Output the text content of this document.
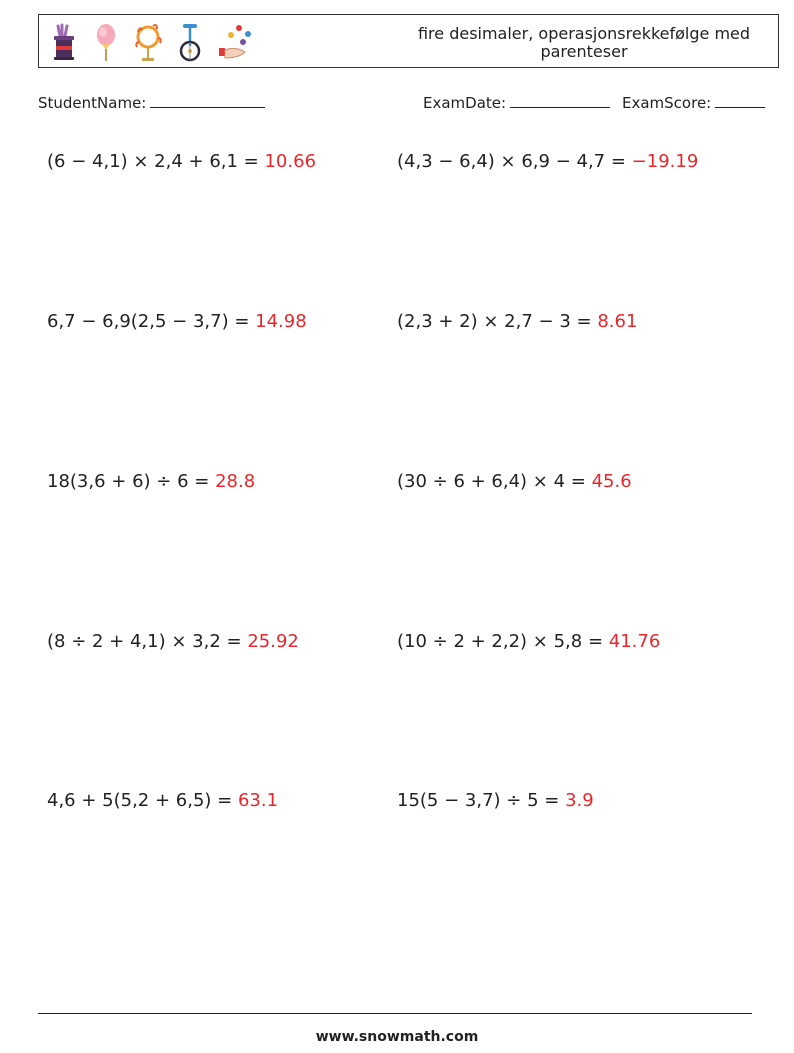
fire desimaler, operasjonsrekkefølge med parenteser
StudentName:	ExamDate:	ExamScore:
(6 − 4,1) × 2,4 + 6,1 = 10.66	(4,3 − 6,4) × 6,9 − 4,7 = −19.19
6,7 − 6,9(2,5 − 3,7) = 14.98	(2,3 + 2) × 2,7 − 3 = 8.61
18(3,6 + 6) ÷ 6 = 28.8	(30 ÷ 6 + 6,4) × 4 = 45.6
(8 ÷ 2 + 4,1) × 3,2 = 25.92	(10 ÷ 2 + 2,2) × 5,8 = 41.76
4,6 + 5(5,2 + 6,5) = 63.1	15(5 − 3,7) ÷ 5 = 3.9
www.snowmath.com
